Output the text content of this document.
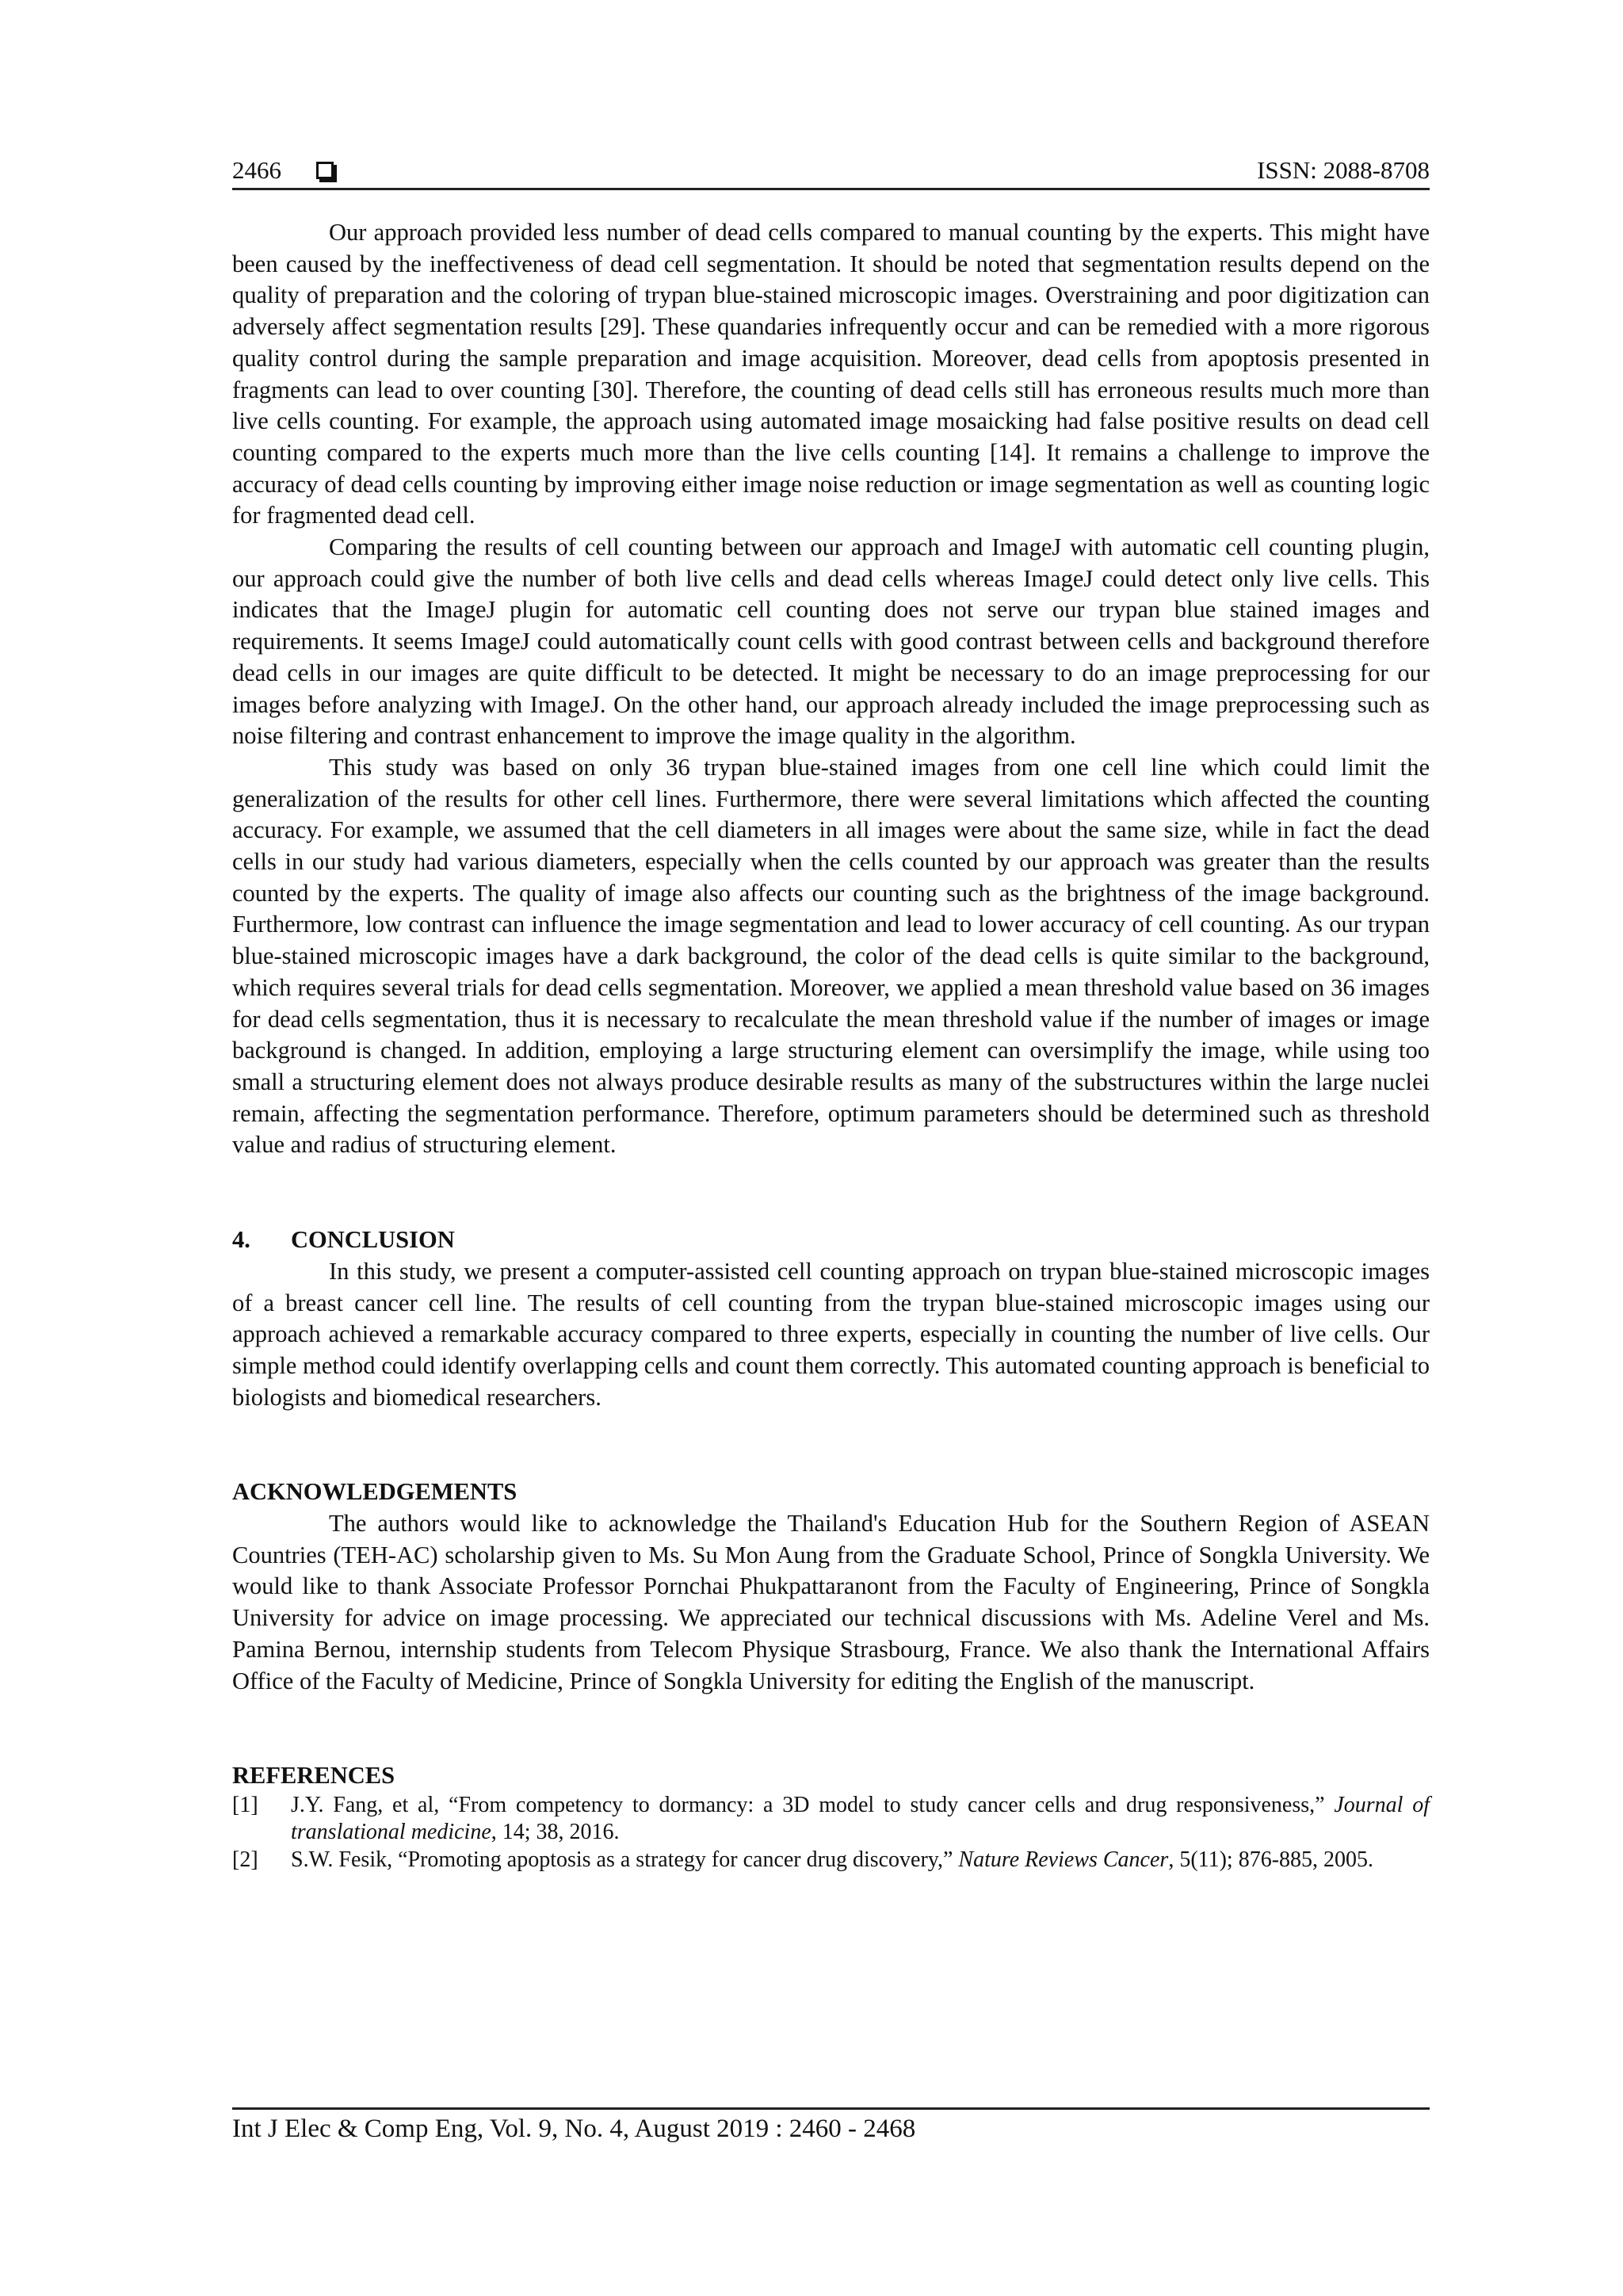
2466	ISSN: 2088-8708

Our approach provided less number of dead cells compared to manual counting by the experts. This might have been caused by the ineffectiveness of dead cell segmentation. It should be noted that segmentation results depend on the quality of preparation and the coloring of trypan blue-stained microscopic images. Overstraining and poor digitization can adversely affect segmentation results [29]. These quandaries infrequently occur and can be remedied with a more rigorous quality control during the sample preparation and image acquisition. Moreover, dead cells from apoptosis presented in fragments can lead to over counting [30]. Therefore, the counting of dead cells still has erroneous results much more than live cells counting. For example, the approach using automated image mosaicking had false positive results on dead cell counting compared to the experts much more than the live cells counting [14]. It remains a challenge to improve the accuracy of dead cells counting by improving either image noise reduction or image segmentation as well as counting logic for fragmented dead cell.

Comparing the results of cell counting between our approach and ImageJ with automatic cell counting plugin, our approach could give the number of both live cells and dead cells whereas ImageJ could detect only live cells. This indicates that the ImageJ plugin for automatic cell counting does not serve our trypan blue stained images and requirements. It seems ImageJ could automatically count cells with good contrast between cells and background therefore dead cells in our images are quite difficult to be detected. It might be necessary to do an image preprocessing for our images before analyzing with ImageJ. On the other hand, our approach already included the image preprocessing such as noise filtering and contrast enhancement to improve the image quality in the algorithm.

This study was based on only 36 trypan blue-stained images from one cell line which could limit the generalization of the results for other cell lines. Furthermore, there were several limitations which affected the counting accuracy. For example, we assumed that the cell diameters in all images were about the same size, while in fact the dead cells in our study had various diameters, especially when the cells counted by our approach was greater than the results counted by the experts. The quality of image also affects our counting such as the brightness of the image background. Furthermore, low contrast can influence the image segmentation and lead to lower accuracy of cell counting. As our trypan blue-stained microscopic images have a dark background, the color of the dead cells is quite similar to the background, which requires several trials for dead cells segmentation. Moreover, we applied a mean threshold value based on 36 images for dead cells segmentation, thus it is necessary to recalculate the mean threshold value if the number of images or image background is changed. In addition, employing a large structuring element can oversimplify the image, while using too small a structuring element does not always produce desirable results as many of the substructures within the large nuclei remain, affecting the segmentation performance. Therefore, optimum parameters should be determined such as threshold value and radius of structuring element.

4. CONCLUSION

In this study, we present a computer-assisted cell counting approach on trypan blue-stained microscopic images of a breast cancer cell line. The results of cell counting from the trypan blue-stained microscopic images using our approach achieved a remarkable accuracy compared to three experts, especially in counting the number of live cells. Our simple method could identify overlapping cells and count them correctly. This automated counting approach is beneficial to biologists and biomedical researchers.

ACKNOWLEDGEMENTS

The authors would like to acknowledge the Thailand's Education Hub for the Southern Region of ASEAN Countries (TEH-AC) scholarship given to Ms. Su Mon Aung from the Graduate School, Prince of Songkla University. We would like to thank Associate Professor Pornchai Phukpattaranont from the Faculty of Engineering, Prince of Songkla University for advice on image processing. We appreciated our technical discussions with Ms. Adeline Verel and Ms. Pamina Bernou, internship students from Telecom Physique Strasbourg, France. We also thank the International Affairs Office of the Faculty of Medicine, Prince of Songkla University for editing the English of the manuscript.

REFERENCES
[1]	J.Y. Fang, et al, “From competency to dormancy: a 3D model to study cancer cells and drug responsiveness,” Journal of translational medicine, 14; 38, 2016.
[2]	S.W. Fesik, “Promoting apoptosis as a strategy for cancer drug discovery,” Nature Reviews Cancer, 5(11); 876-885, 2005.
Int J Elec & Comp Eng, Vol. 9, No. 4, August 2019 : 2460 - 2468
